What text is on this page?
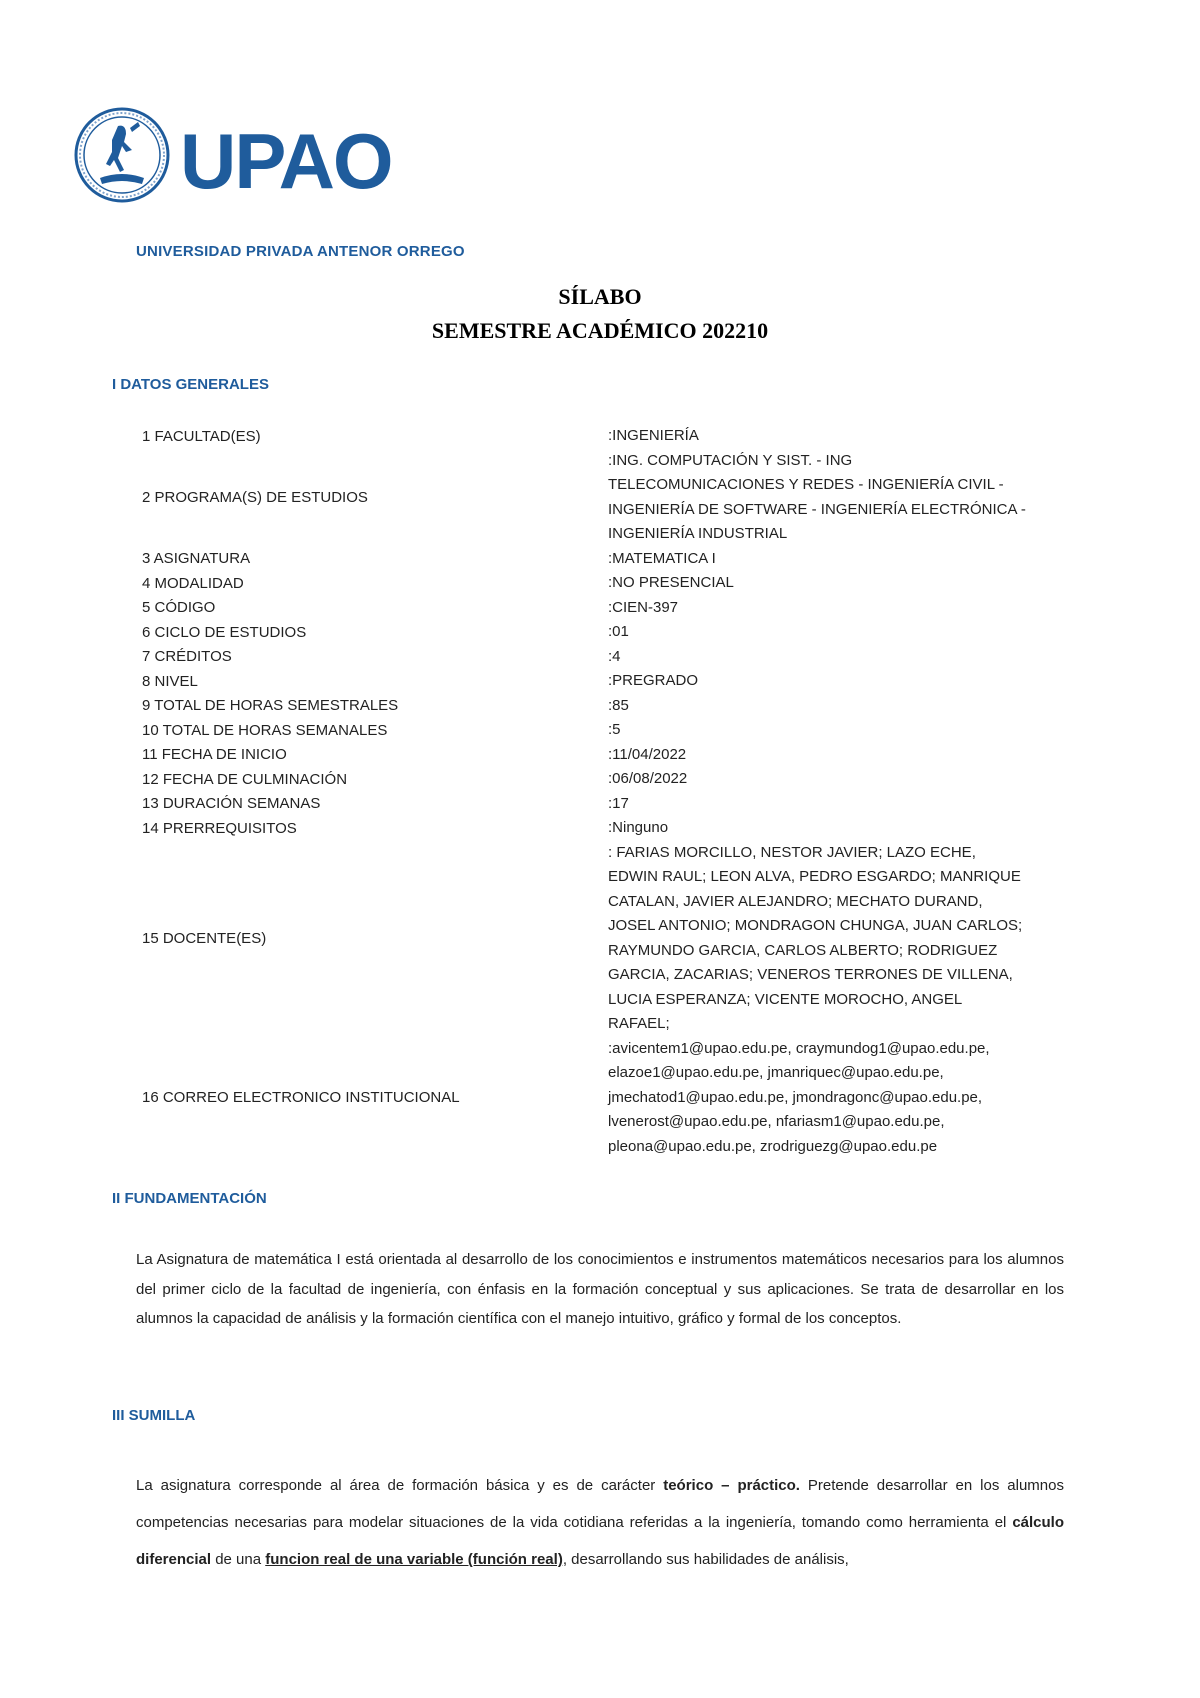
UPAO
UNIVERSIDAD PRIVADA ANTENOR ORREGO
SÍLABO
SEMESTRE ACADÉMICO 202210
I DATOS GENERALES
1 FACULTAD(ES)	:INGENIERÍA
2 PROGRAMA(S) DE ESTUDIOS
:ING. COMPUTACIÓN Y SIST. - ING
TELECOMUNICACIONES Y REDES - INGENIERÍA CIVIL -
INGENIERÍA DE SOFTWARE - INGENIERÍA ELECTRÓNICA -
INGENIERÍA INDUSTRIAL
3 ASIGNATURA	:MATEMATICA I
4 MODALIDAD	:NO PRESENCIAL
5 CÓDIGO	:CIEN-397
6 CICLO DE ESTUDIOS	:01
7 CRÉDITOS	:4
8 NIVEL	:PREGRADO
9 TOTAL DE HORAS SEMESTRALES	:85
10 TOTAL DE HORAS SEMANALES	:5
11 FECHA DE INICIO	:11/04/2022
12 FECHA DE CULMINACIÓN	:06/08/2022
13 DURACIÓN SEMANAS	:17
14 PRERREQUISITOS	:Ninguno
15 DOCENTE(ES)
: FARIAS MORCILLO, NESTOR JAVIER; LAZO ECHE,
EDWIN RAUL; LEON ALVA, PEDRO ESGARDO; MANRIQUE
CATALAN, JAVIER ALEJANDRO; MECHATO DURAND,
JOSEL ANTONIO; MONDRAGON CHUNGA, JUAN CARLOS;
RAYMUNDO GARCIA, CARLOS ALBERTO; RODRIGUEZ
GARCIA, ZACARIAS; VENEROS TERRONES DE VILLENA,
LUCIA ESPERANZA; VICENTE MOROCHO, ANGEL
RAFAEL;
16 CORREO ELECTRONICO INSTITUCIONAL
:avicentem1@upao.edu.pe, craymundog1@upao.edu.pe,
elazoe1@upao.edu.pe, jmanriquec@upao.edu.pe,
jmechatod1@upao.edu.pe, jmondragonc@upao.edu.pe,
lvenerost@upao.edu.pe, nfariasm1@upao.edu.pe,
pleona@upao.edu.pe, zrodriguezg@upao.edu.pe
II FUNDAMENTACIÓN
La Asignatura de matemática I está orientada al desarrollo de los conocimientos e instrumentos matemáticos necesarios para los alumnos del primer ciclo de la facultad de ingeniería, con énfasis en la formación conceptual y sus aplicaciones. Se trata de desarrollar en los alumnos la capacidad de análisis y la formación científica con el manejo intuitivo, gráfico y formal de los conceptos.
III SUMILLA
La asignatura corresponde al área de formación básica y es de carácter teórico – práctico. Pretende desarrollar en los alumnos competencias necesarias para modelar situaciones de la vida cotidiana referidas a la ingeniería, tomando como herramienta el cálculo diferencial de una funcion real de una variable (función real), desarrollando sus habilidades de análisis,
